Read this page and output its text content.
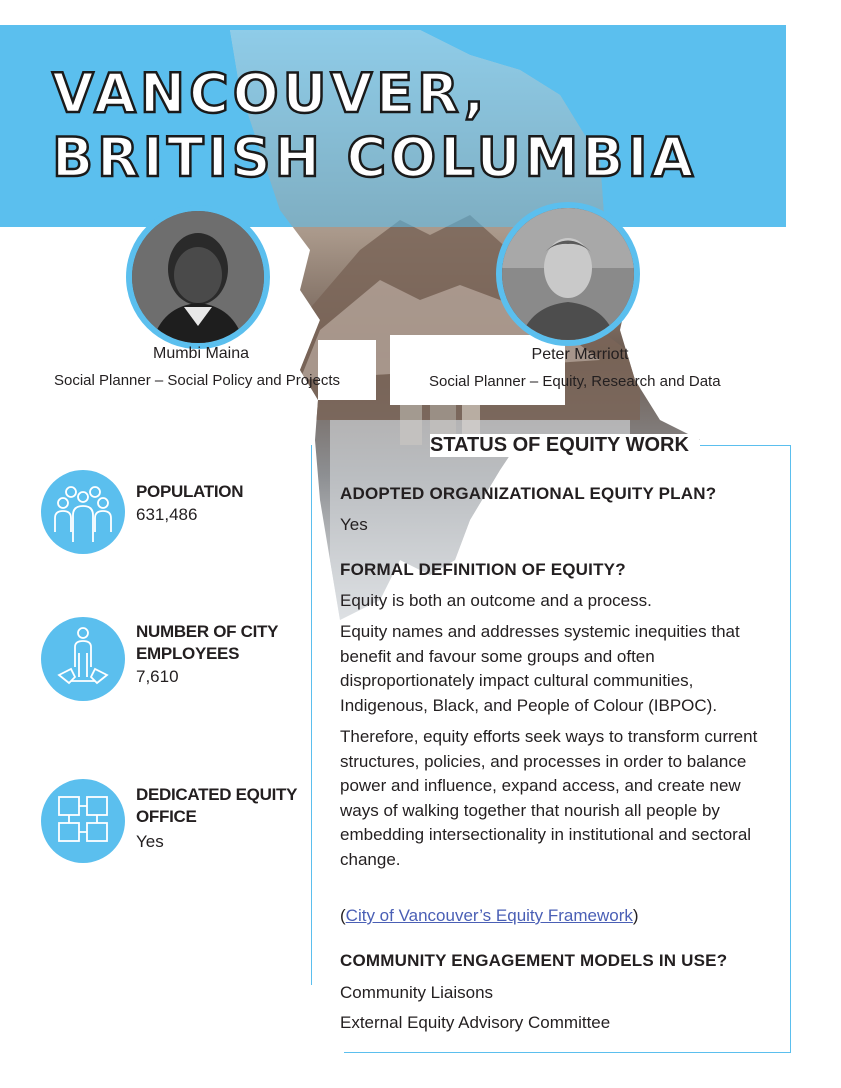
VANCOUVER,
BRITISH COLUMBIA
Mumbi Maina
Social Planner – Social Policy and Projects
Peter Marriott
Social Planner – Equity, Research and Data
POPULATION
631,486
NUMBER OF CITY
EMPLOYEES
7,610
DEDICATED EQUITY
OFFICE
Yes
STATUS OF EQUITY WORK
ADOPTED ORGANIZATIONAL EQUITY PLAN?
Yes
FORMAL DEFINITION OF EQUITY?
Equity is both an outcome and a process.
Equity names and addresses systemic inequities that benefit and favour some groups and often disproportionately impact cultural communities, Indigenous, Black, and People of Colour (IBPOC).
Therefore, equity efforts seek ways to transform current structures, policies, and processes in order to balance power and influence, expand access, and create new ways of walking together that nourish all people by embedding intersectionality in institutional and sectoral change.
(City of Vancouver’s Equity Framework)
COMMUNITY ENGAGEMENT MODELS IN USE?
Community Liaisons
External Equity Advisory Committee
